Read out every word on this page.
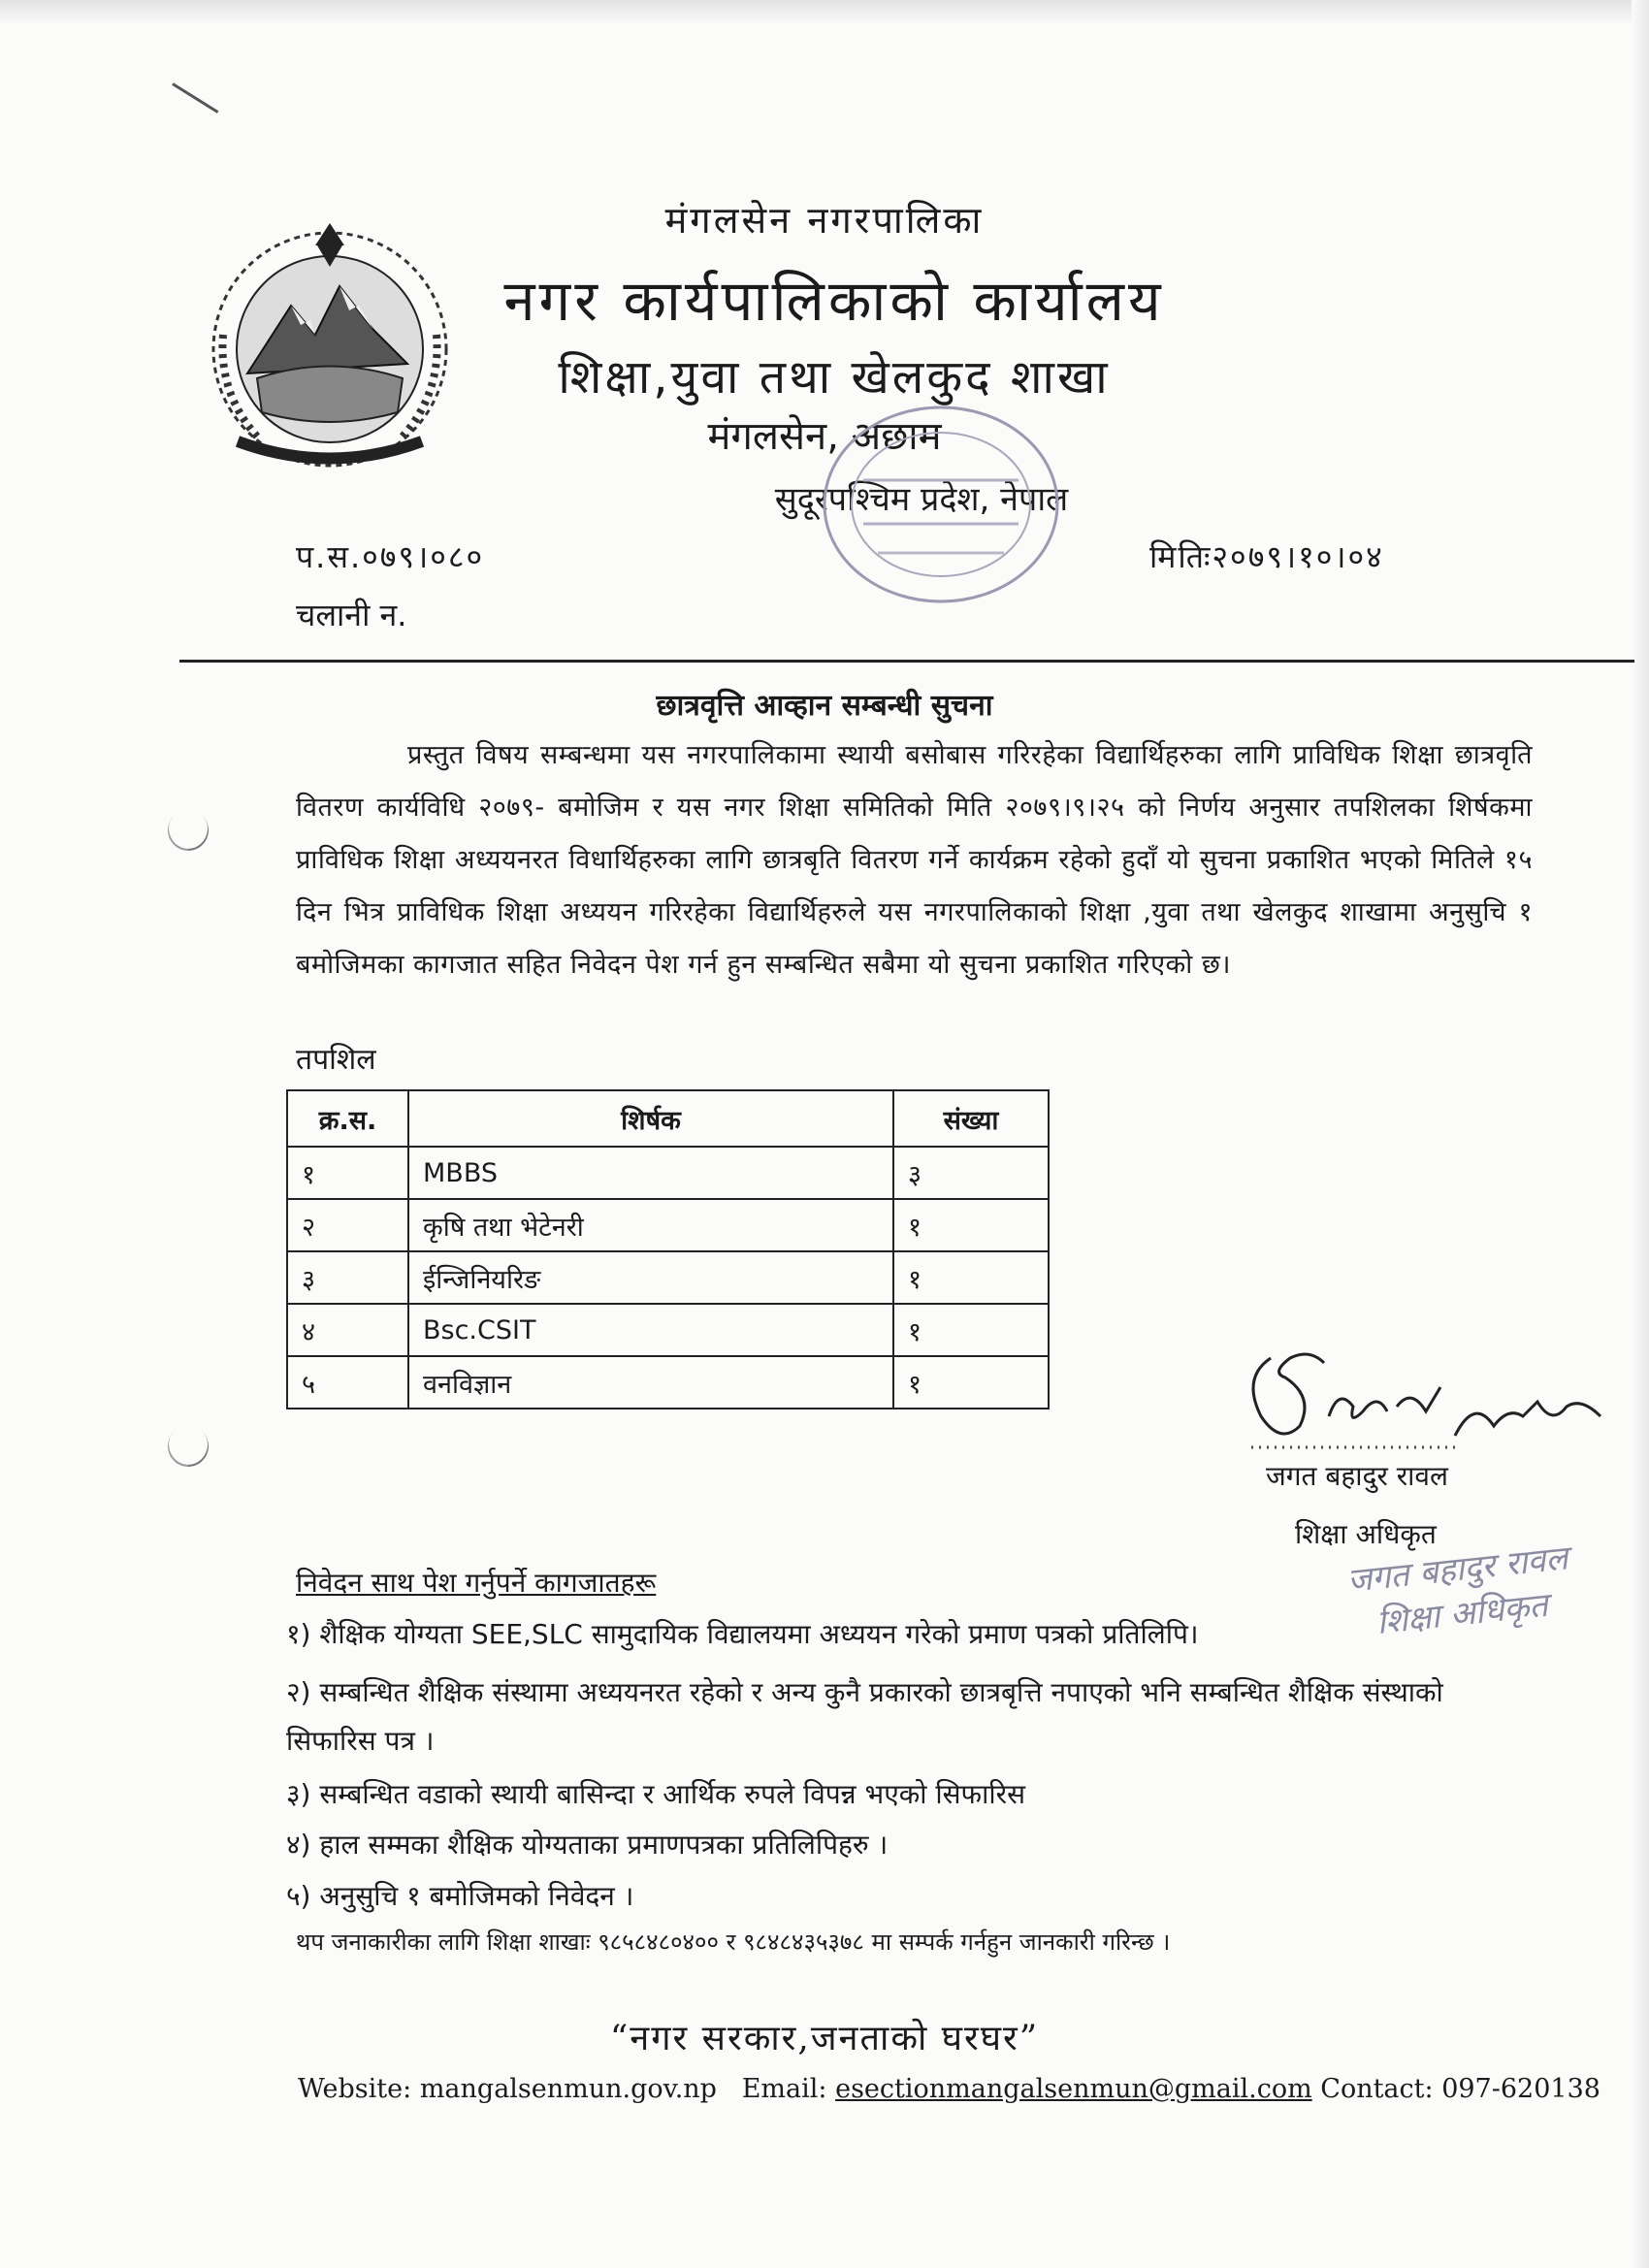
मंगलसेन नगरपालिका
नगर कार्यपालिकाको कार्यालय
शिक्षा,युवा तथा खेलकुद शाखा
मंगलसेन, अछाम
सुदूरपश्चिम प्रदेश, नेपाल
प.स.०७९।०८०
चलानी न.
मितिः२०७९।१०।०४
छात्रवृत्ति आव्हान सम्बन्धी सुचना
प्रस्तुत विषय सम्बन्धमा यस नगरपालिकामा स्थायी बसोबास गरिरहेका विद्यार्थिहरुका लागि प्राविधिक शिक्षा छात्रवृति वितरण कार्यविधि २०७९- बमोजिम र यस नगर शिक्षा समितिको मिति २०७९।९।२५ को निर्णय अनुसार तपशिलका शिर्षकमा प्राविधिक शिक्षा अध्ययनरत विधार्थिहरुका लागि छात्रबृति वितरण गर्ने कार्यक्रम रहेको हुदाँ यो सुचना प्रकाशित भएको मितिले १५ दिन भित्र प्राविधिक शिक्षा अध्ययन गरिरहेका विद्यार्थिहरुले यस नगरपालिकाको शिक्षा ,युवा तथा खेलकुद शाखामा अनुसुचि १ बमोजिमका कागजात सहित निवेदन पेश गर्न हुन सम्बन्धित सबैमा यो सुचना प्रकाशित गरिएको छ।
तपशिल
क्र.स.	शिर्षक	संख्या
१	MBBS	३
२	कृषि तथा भेटेनरी	१
३	ईन्जिनियरिङ	१
४	Bsc.CSIT	१
५	वनविज्ञान	१
जगत बहादुर रावल
शिक्षा अधिकृत
जगत बहादुर रावल
शिक्षा अधिकृत
निवेदन साथ पेश गर्नुपर्ने कागजातहरू
१) शैक्षिक योग्यता SEE,SLC सामुदायिक विद्यालयमा अध्ययन गरेको प्रमाण पत्रको प्रतिलिपि।
२) सम्बन्धित शैक्षिक संस्थामा अध्ययनरत रहेको र अन्य कुनै प्रकारको छात्रबृत्ति नपाएको भनि सम्बन्धित शैक्षिक संस्थाको सिफारिस पत्र ।
३) सम्बन्धित वडाको स्थायी बासिन्दा र आर्थिक रुपले विपन्न भएको सिफारिस
४) हाल सम्मका शैक्षिक योग्यताका प्रमाणपत्रका प्रतिलिपिहरु ।
५) अनुसुचि १ बमोजिमको निवेदन ।
थप जनाकारीका लागि शिक्षा शाखाः ९८५८४८०४०० र ९८४८४३५३७८ मा सम्पर्क गर्नहुन जानकारी गरिन्छ ।
“नगर सरकार,जनताको घरघर”
Website: mangalsenmun.gov.np Email: esectionmangalsenmun@gmail.com Contact: 097-620138
